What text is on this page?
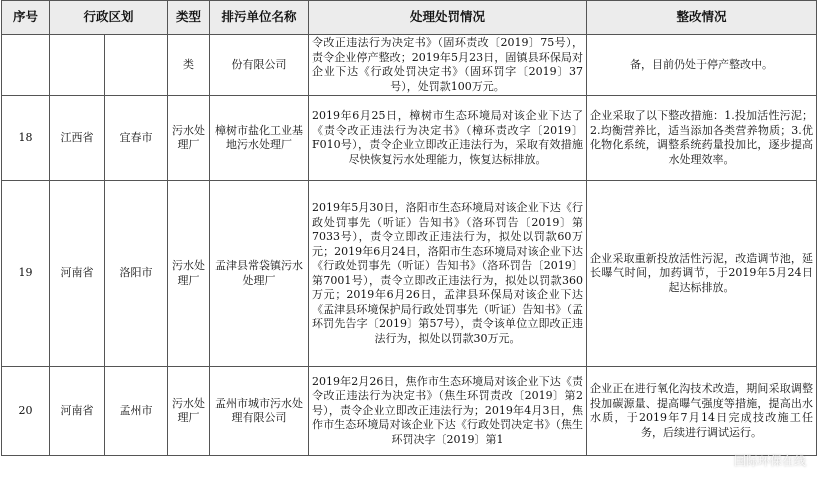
序号	行政区划		类型	排污单位名称	处理处罚情况	整改情况
			类	份有限公司	令改正违法行为决定书》（固环责改〔2019〕75号），责令企业停产整改；2019年5月23日，固镇县环保局对企业下达《行政处罚决定书》（固环罚字〔2019〕37号），处罚款100万元。	备，目前仍处于停产整改中。
18	江西省	宜春市	污水处理厂	樟树市盐化工业基地污水处理厂	2019年6月25日，樟树市生态环境局对该企业下达了《责令改正违法行为决定书》（樟环责改字〔2019〕F010号），责令企业立即改正违法行为，采取有效措施尽快恢复污水处理能力，恢复达标排放。	企业采取了以下整改措施：1.投加活性污泥；2.均衡营养比，适当添加各类营养物质；3.优化物化系统，调整系统药量投加比，逐步提高水处理效率。
19	河南省	洛阳市	污水处理厂	孟津县常袋镇污水处理厂	2019年5月30日，洛阳市生态环境局对该企业下达《行政处罚事先（听证）告知书》（洛环罚告〔2019〕第7033号），责令立即改正违法行为，拟处以罚款60万元；2019年6月24日，洛阳市生态环境局对该企业下达《行政处罚事先（听证）告知书》（洛环罚告〔2019〕第7001号），责令立即改正违法行为，拟处以罚款360万元；2019年6月26日，孟津县环保局对该企业下达《孟津县环境保护局行政处罚事先（听证）告知书》（孟环罚先告字〔2019〕第57号），责令该单位立即改正违法行为，拟处以罚款30万元。	企业采取重新投放活性污泥，改造调节池，延长曝气时间，加药调节，于2019年5月24日起达标排放。
20	河南省	孟州市	污水处理厂	孟州市城市污水处理有限公司	2019年2月26日，焦作市生态环境局对该企业下达《责令改正违法行为决定书》（焦生环罚责改〔2019〕第2号），责令企业立即改正违法行为；2019年4月3日，焦作市生态环境局对该企业下达《行政处罚决定书》（焦生环罚决字〔2019〕第1	企业正在进行氧化沟技术改造，期间采取调整投加碳源量、提高曝气强度等措施，提高出水水质，于2019年7月14日完成技改施工任务，后续进行调试运行。
国际环保在线
